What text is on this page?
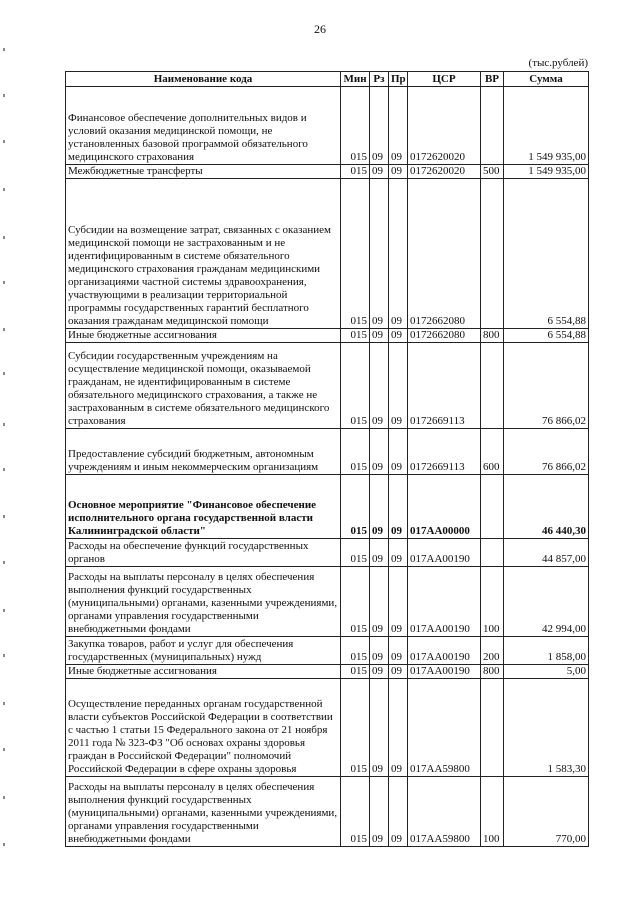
26
(тыс.рублей)
Наименование кода	Мин	Рз	Пр	ЦСР	ВР	Сумма
Финансовое обеспечение дополнительных видов и условий оказания медицинской помощи, не установленных базовой программой обязательного медицинского страхования	015	09	09	0172620020		1 549 935,00
Межбюджетные трансферты	015	09	09	0172620020	500	1 549 935,00
Субсидии на возмещение затрат, связанных с оказанием медицинской помощи не застрахованным и не идентифицированным в системе обязательного медицинского страхования гражданам медицинскими организациями частной системы здравоохранения, участвующими в реализации территориальной программы государственных гарантий бесплатного оказания гражданам медицинской помощи	015	09	09	0172662080		6 554,88
Иные бюджетные ассигнования	015	09	09	0172662080	800	6 554,88
Субсидии государственным учреждениям на осуществление медицинской помощи, оказываемой гражданам, не идентифицированным в системе обязательного медицинского страхования, а также не застрахованным в системе обязательного медицинского страхования	015	09	09	0172669113		76 866,02
Предоставление субсидий бюджетным, автономным учреждениям и иным некоммерческим организациям	015	09	09	0172669113	600	76 866,02
Основное мероприятие "Финансовое обеспечение исполнительного органа государственной власти Калининградской области"	015	09	09	017АА00000		46 440,30
Расходы на обеспечение функций государственных органов	015	09	09	017АА00190		44 857,00
Расходы на выплаты персоналу в целях обеспечения выполнения функций государственных (муниципальными) органами, казенными учреждениями, органами управления государственными внебюджетными фондами	015	09	09	017АА00190	100	42 994,00
Закупка товаров, работ и услуг для обеспечения государственных (муниципальных) нужд	015	09	09	017АА00190	200	1 858,00
Иные бюджетные ассигнования	015	09	09	017АА00190	800	5,00
Осуществление переданных органам государственной власти субъектов Российской Федерации в соответствии с частью 1 статьи 15 Федерального закона от 21 ноября 2011 года № 323-ФЗ "Об основах охраны здоровья граждан в Российской Федерации" полномочий Российской Федерации в сфере охраны здоровья	015	09	09	017АА59800		1 583,30
Расходы на выплаты персоналу в целях обеспечения выполнения функций государственных (муниципальными) органами, казенными учреждениями, органами управления государственными внебюджетными фондами	015	09	09	017АА59800	100	770,00
